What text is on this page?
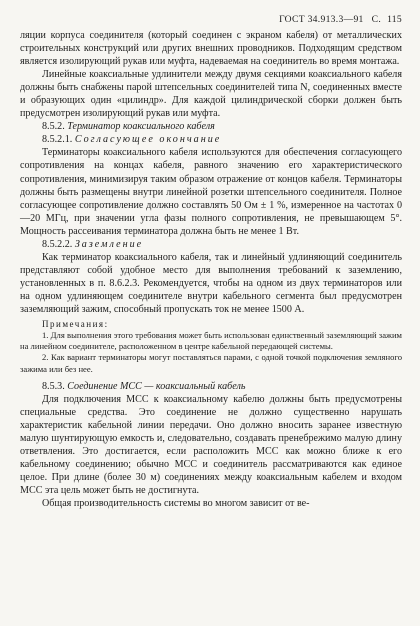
ГОСТ 34.913.3—91 С. 115

ляции корпуса соединителя (который соединен с экраном кабеля) от металлических строительных конструкций или других внешних проводников. Подходящим средством является изолирующий рукав или муфта, надеваемая на соединитель во время монтажа.

Линейные коаксиальные удлинители между двумя секциями коаксиального кабеля должны быть снабжены парой штепсельных соединителей типа N, соединенных вместе и образующих один «цилиндр». Для каждой цилиндрической сборки должен быть предусмотрен изолирующий рукав или муфта.

8.5.2. Терминатор коаксиального кабеля

8.5.2.1. Согласующее окончание

Терминаторы коаксиального кабеля используются для обеспечения согласующего сопротивления на концах кабеля, равного значению его характеристического сопротивления, минимизируя таким образом отражение от концов кабеля. Терминаторы должны быть размещены внутри линейной розетки штепсельного соединителя. Полное согласующее сопротивление должно составлять 50 Ом ± 1 %, измеренное на частотах 0—20 МГц, при значении угла фазы полного сопротивления, не превышающем 5°. Мощность рассеивания терминатора должна быть не менее 1 Вт.

8.5.2.2. Заземление

Как терминатор коаксиального кабеля, так и линейный удлиняющий соединитель представляют собой удобное место для выполнения требований к заземлению, установленных в п. 8.6.2.3. Рекомендуется, чтобы на одном из двух терминаторов или на одном удлиняющем соединителе внутри кабельного сегмента был предусмотрен заземляющий зажим, способный пропускать ток не менее 1500 А.

Примечания:

1. Для выполнения этого требования может быть использован единственный заземляющий зажим на линейном соединителе, расположенном в центре кабельной передающей системы.

2. Как вариант терминаторы могут поставляться парами, с одной точкой подключения земляного зажима или без нее.

8.5.3. Соединение МСС — коаксиальный кабель

Для подключения МСС к коаксиальному кабелю должны быть предусмотрены специальные средства. Это соединение не должно существенно нарушать характеристик кабельной линии передачи. Оно должно вносить заранее известную малую шунтирующую емкость и, следовательно, создавать пренебрежимо малую длину ответвления. Это достигается, если расположить МСС как можно ближе к его кабельному соединению; обычно МСС и соединитель рассматриваются как единое целое. При длине (более 30 м) соединениях между коаксиальным кабелем и входом МСС эта цель может быть не достигнута.

Общая производительность системы во многом зависит от ве-
